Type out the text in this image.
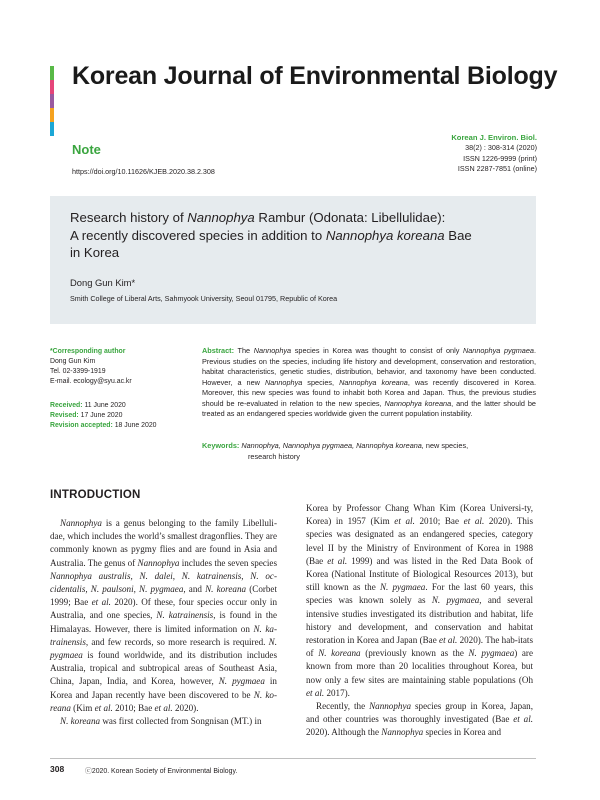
Korean Journal of Environmental Biology
Note
Korean J. Environ. Biol.
38(2) : 308-314 (2020)
ISSN 1226-9999 (print)
ISSN 2287-7851 (online)
https://doi.org/10.11626/KJEB.2020.38.2.308
Research history of Nannophya Rambur (Odonata: Libellulidae):
A recently discovered species in addition to Nannophya koreana Bae
in Korea
Dong Gun Kim*
Smith College of Liberal Arts, Sahmyook University, Seoul 01795, Republic of Korea
*Corresponding author
Dong Gun Kim
Tel. 02-3399-1919
E-mail. ecology@syu.ac.kr
Received: 11 June 2020
Revised: 17 June 2020
Revision accepted: 18 June 2020
Abstract: The Nannophya species in Korea was thought to consist of only Nannophya pygmaea. Previous studies on the species, including life history and development, conservation and restoration, habitat characteristics, genetic studies, distribution, behavior, and taxonomy have been conducted. However, a new Nannophya species, Nannophya koreana, was recently discovered in Korea. Moreover, this new species was found to inhabit both Korea and Japan. Thus, the previous studies should be re-evaluated in relation to the new species, Nannophya koreana, and the latter should be treated as an endangered species worldwide given the current population instability.
Keywords: Nannophya, Nannophya pygmaea, Nannophya koreana, new species,
research history
INTRODUCTION

Nannophya is a genus belonging to the family Libelluli-dae, which includes the world’s smallest dragonflies. They are commonly known as pygmy flies and are found in Asia and Australia. The genus of Nannophya includes the seven species Nannophya australis, N. dalei, N. katrainensis, N. oc-cidentalis, N. paulsoni, N. pygmaea, and N. koreana (Corbet 1999; Bae et al. 2020). Of these, four species occur only in Australia, and one species, N. katrainensis, is found in the Himalayas. However, there is limited information on N. ka-trainensis, and few records, so more research is required. N. pygmaea is found worldwide, and its distribution includes Australia, tropical and subtropical areas of Southeast Asia, China, Japan, India, and Korea, however, N. pygmaea in Korea and Japan recently have been discovered to be N. ko-reana (Kim et al. 2010; Bae et al. 2020).

N. koreana was first collected from Songnisan (MT.) in

Korea by Professor Chang Whan Kim (Korea Universi-ty, Korea) in 1957 (Kim et al. 2010; Bae et al. 2020). This species was designated as an endangered species, category level II by the Ministry of Environment of Korea in 1988 (Bae et al. 1999) and was listed in the Red Data Book of Korea (National Institute of Biological Resources 2013), but still known as the N. pygmaea. For the last 60 years, this species was known solely as N. pygmaea, and several intensive studies investigated its distribution and habitat, life history and development, and conservation and habitat restoration in Korea and Japan (Bae et al. 2020). The hab-itats of N. koreana (previously known as the N. pygmaea) are known from more than 20 localities throughout Korea, but now only a few sites are maintaining stable populations (Oh et al. 2017).

Recently, the Nannophya species group in Korea, Japan, and other countries was thoroughly investigated (Bae et al. 2020). Although the Nannophya species in Korea and

308	ⓒ2020. Korean Society of Environmental Biology.
